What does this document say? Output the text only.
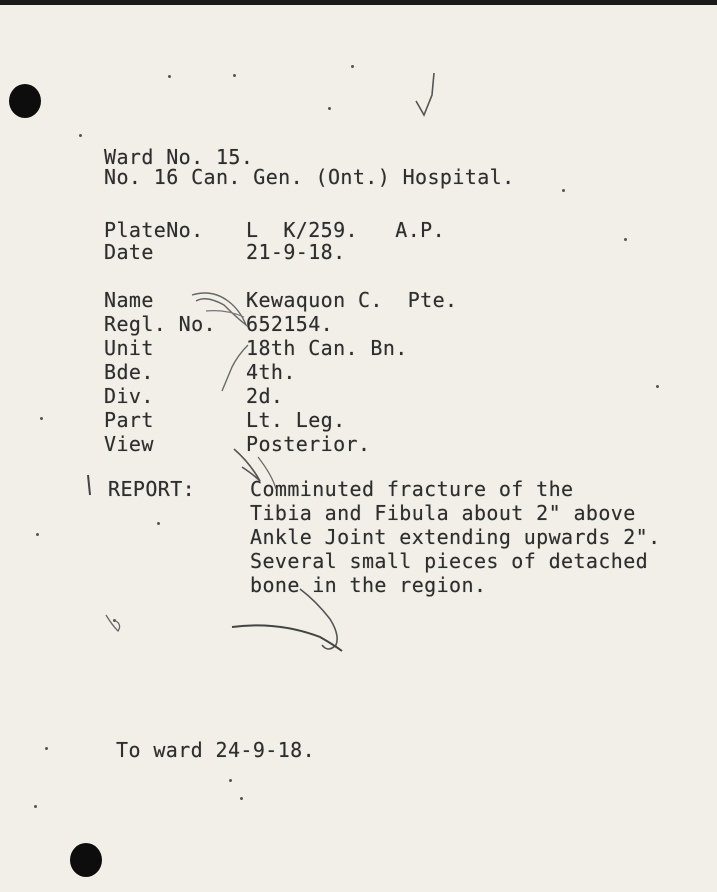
Ward No. 15.
No. 16 Can. Gen. (Ont.) Hospital.
PlateNo. L  K/259.   A.P.
Date	21-9-18.
Name	Kewaquon C.  Pte.
Regl. No. 652154.
Unit	18th Can. Bn.
Bde.	4th.
Div.	2d.
Part	Lt. Leg.
View	Posterior.
REPORT:	Comminuted fracture of the
Tibia and Fibula about 2" above
Ankle Joint extending upwards 2".
Several small pieces of detached
bone in the region.
To ward 24-9-18.
